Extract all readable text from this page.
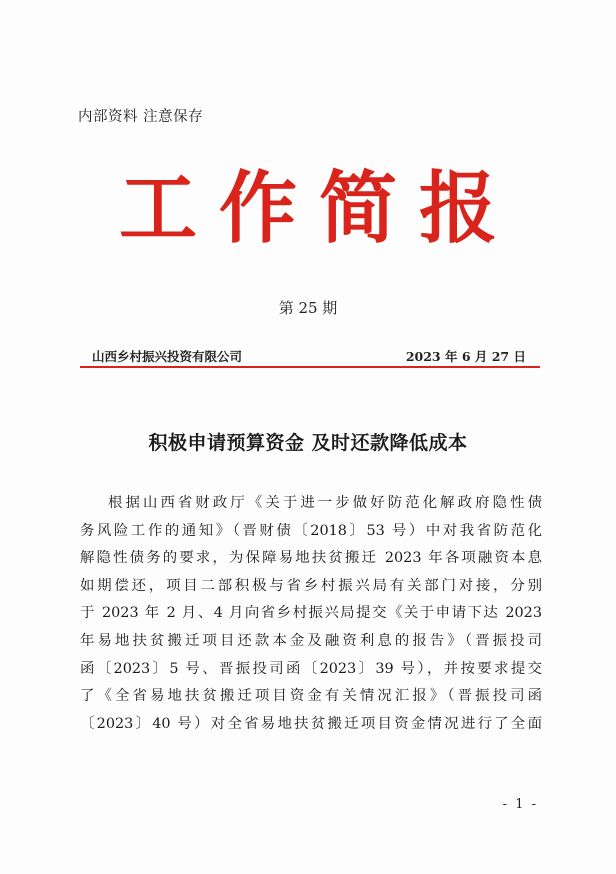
内部资料 注意保存
工 作 简 报
第 25 期
山西乡村振兴投资有限公司	2023 年 6 月 27 日
积极申请预算资金 及时还款降低成本

根据山西省财政厅《关于进一步做好防范化解政府隐性债
务风险工作的通知》（晋财债〔2018〕53 号）中对我省防范化
解隐性债务的要求，为保障易地扶贫搬迁 2023 年各项融资本息
如期偿还，项目二部积极与省乡村振兴局有关部门对接，分别
于 2023 年 2 月、4 月向省乡村振兴局提交《关于申请下达 2023
年易地扶贫搬迁项目还款本金及融资利息的报告》（晋振投司
函〔2023〕5 号、晋振投司函〔2023〕39 号），并按要求提交
了《全省易地扶贫搬迁项目资金有关情况汇报》（晋振投司函
〔2023〕40 号）对全省易地扶贫搬迁项目资金情况进行了全面

- 1 -
